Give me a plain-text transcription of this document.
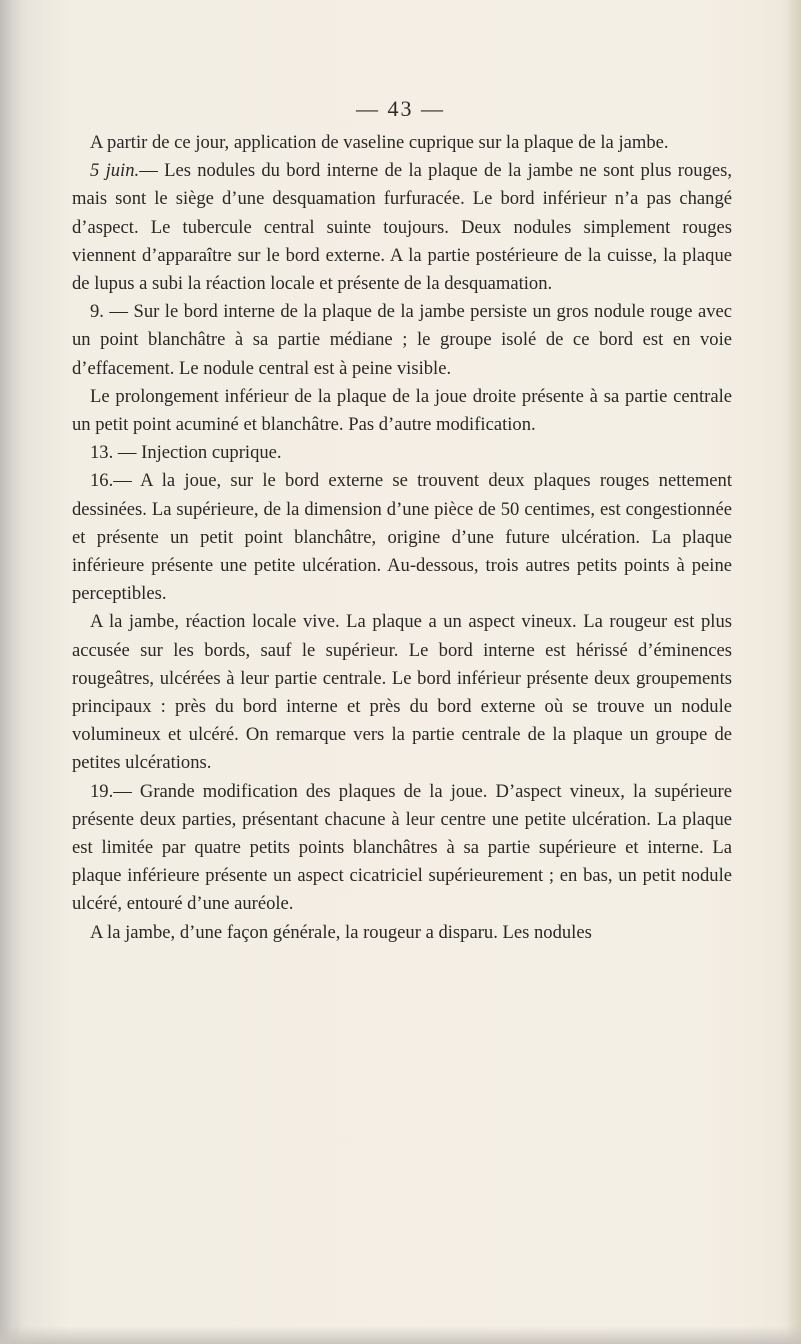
— 43 —

A partir de ce jour, application de vaseline cuprique sur la plaque de la jambe.

5 juin.— Les nodules du bord interne de la plaque de la jambe ne sont plus rouges, mais sont le siège d’une desquamation furfuracée. Le bord inférieur n’a pas changé d’aspect. Le tubercule central suinte toujours. Deux nodules simplement rouges viennent d’apparaître sur le bord externe. A la partie postérieure de la cuisse, la plaque de lupus a subi la réaction locale et présente de la desquamation.

9. — Sur le bord interne de la plaque de la jambe persiste un gros nodule rouge avec un point blanchâtre à sa partie médiane ; le groupe isolé de ce bord est en voie d’effacement. Le nodule central est à peine visible.

Le prolongement inférieur de la plaque de la joue droite présente à sa partie centrale un petit point acuminé et blanchâtre. Pas d’autre modification.

13. — Injection cuprique.

16.— A la joue, sur le bord externe se trouvent deux plaques rouges nettement dessinées. La supérieure, de la dimension d’une pièce de 50 centimes, est congestionnée et présente un petit point blanchâtre, origine d’une future ulcération. La plaque inférieure présente une petite ulcération. Au-dessous, trois autres petits points à peine perceptibles.

A la jambe, réaction locale vive. La plaque a un aspect vineux. La rougeur est plus accusée sur les bords, sauf le supérieur. Le bord interne est hérissé d’éminences rougeâtres, ulcérées à leur partie centrale. Le bord inférieur présente deux groupements principaux : près du bord interne et près du bord externe où se trouve un nodule volumineux et ulcéré. On remarque vers la partie centrale de la plaque un groupe de petites ulcérations.

19.— Grande modification des plaques de la joue. D’aspect vineux, la supérieure présente deux parties, présentant chacune à leur centre une petite ulcération. La plaque est limitée par quatre petits points blanchâtres à sa partie supérieure et interne. La plaque inférieure présente un aspect cicatriciel supérieurement ; en bas, un petit nodule ulcéré, entouré d’une auréole.

A la jambe, d’une façon générale, la rougeur a disparu. Les nodules
